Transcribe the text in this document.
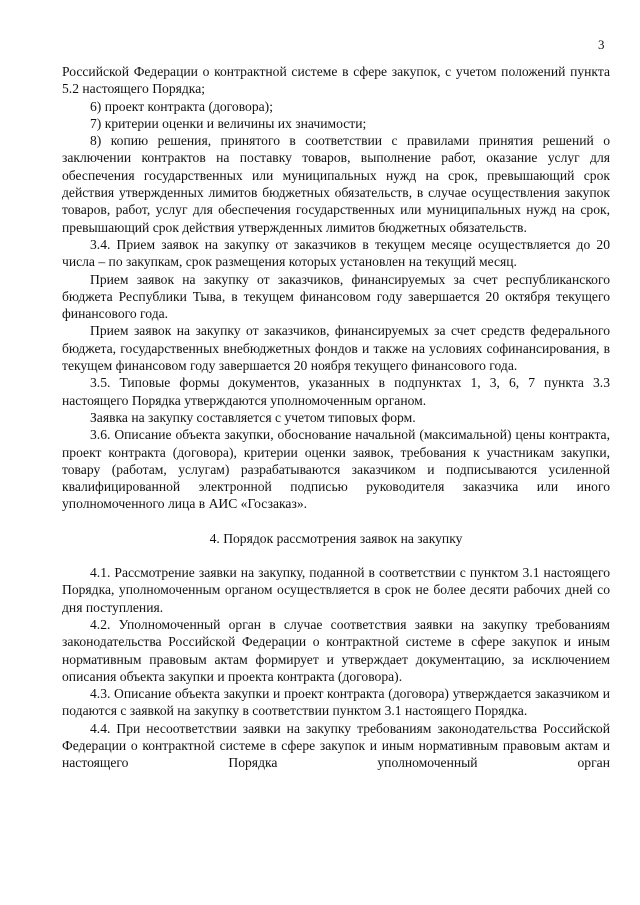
3

Российской Федерации о контрактной системе в сфере закупок, с учетом положений пункта 5.2 настоящего Порядка;

6) проект контракта (договора);

7) критерии оценки и величины их значимости;

8) копию решения, принятого в соответствии с правилами принятия решений о заключении контрактов на поставку товаров, выполнение работ, оказание услуг для обеспечения государственных или муниципальных нужд на срок, превышающий срок действия утвержденных лимитов бюджетных обязательств, в случае осуществления закупок товаров, работ, услуг для обеспечения государственных или муниципальных нужд на срок, превышающий срок действия утвержденных лимитов бюджетных обязательств.

3.4. Прием заявок на закупку от заказчиков в текущем месяце осуществляется до 20 числа – по закупкам, срок размещения которых установлен на текущий месяц.

Прием заявок на закупку от заказчиков, финансируемых за счет республиканского бюджета Республики Тыва, в текущем финансовом году завершается 20 октября текущего финансового года.

Прием заявок на закупку от заказчиков, финансируемых за счет средств федерального бюджета, государственных внебюджетных фондов и также на условиях софинансирования, в текущем финансовом году завершается 20 ноября текущего финансового года.

3.5. Типовые формы документов, указанных в подпунктах 1, 3, 6, 7 пункта 3.3 настоящего Порядка утверждаются уполномоченным органом.

Заявка на закупку составляется с учетом типовых форм.

3.6. Описание объекта закупки, обоснование начальной (максимальной) цены контракта, проект контракта (договора), критерии оценки заявок, требования к участникам закупки, товару (работам, услугам) разрабатываются заказчиком и подписываются усиленной квалифицированной электронной подписью руководителя заказчика или иного уполномоченного лица в АИС «Госзаказ».

4. Порядок рассмотрения заявок на закупку

4.1. Рассмотрение заявки на закупку, поданной в соответствии с пунктом 3.1 настоящего Порядка, уполномоченным органом осуществляется в срок не более десяти рабочих дней со дня поступления.

4.2. Уполномоченный орган в случае соответствия заявки на закупку требованиям законодательства Российской Федерации о контрактной системе в сфере закупок и иным нормативным правовым актам формирует и утверждает документацию, за исключением описания объекта закупки и проекта контракта (договора).

4.3. Описание объекта закупки и проект контракта (договора) утверждается заказчиком и подаются с заявкой на закупку в соответствии пунктом 3.1 настоящего Порядка.

4.4. При несоответствии заявки на закупку требованиям законодательства Российской Федерации о контрактной системе в сфере закупок и иным нормативным правовым актам и настоящего Порядка уполномоченный орган
